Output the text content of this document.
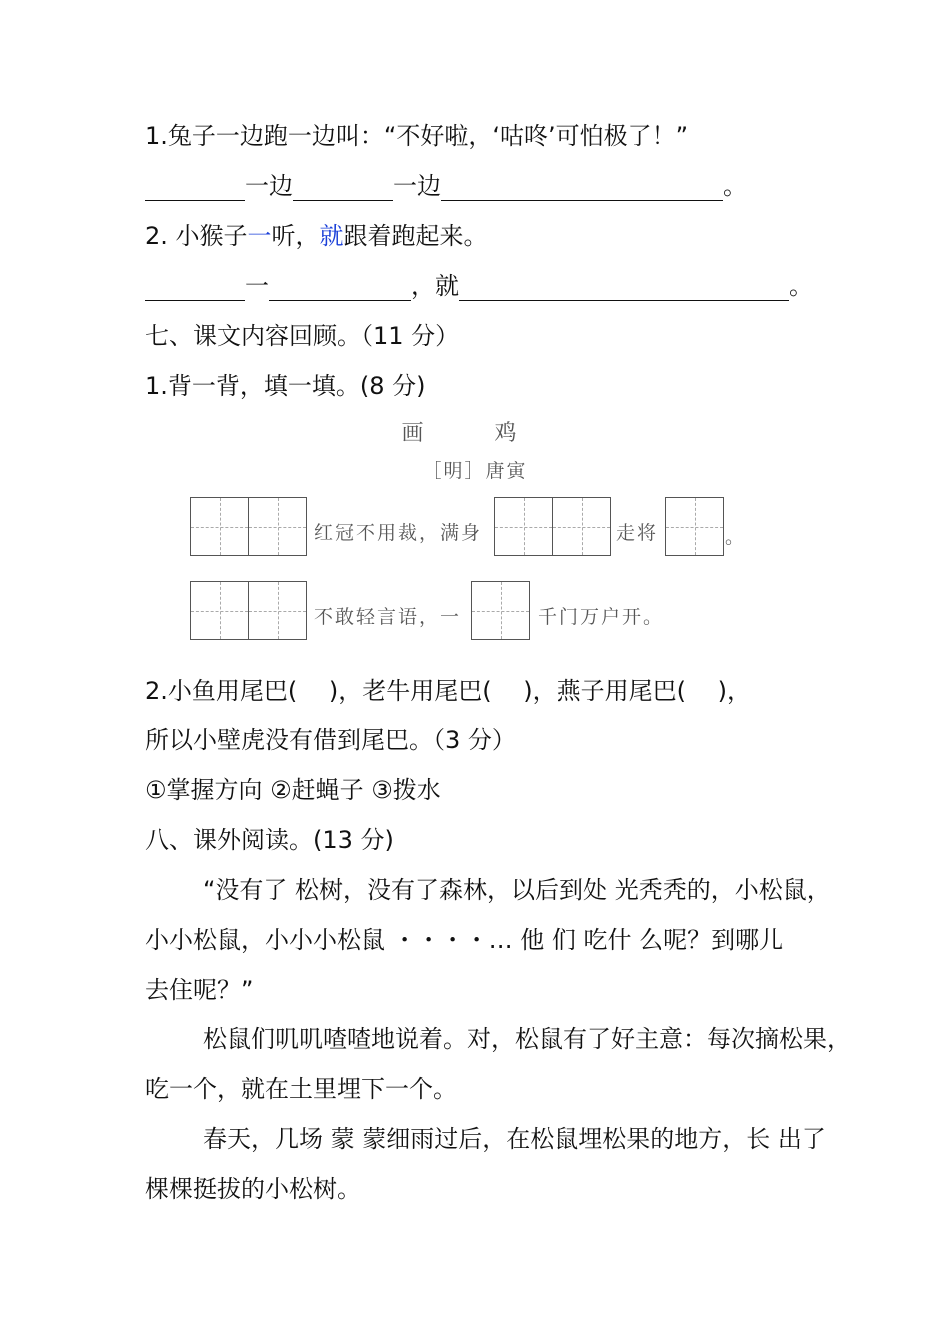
1.兔子一边跑一边叫：“不好啦，‘咕咚’可怕极了！”
一边	一边	。
2. 小猴子一听，就跟着跑起来。
一	，就	。
七、课文内容回顾。（11 分）
1.背一背，填一填。(8 分)
画 鸡
［明］唐寅
红冠不用裁，满身	走将	。
不敢轻言语，一	千门万户开。
2.小鱼用尾巴(　 )，老牛用尾巴(　 )，燕子用尾巴(　 )，
所以小壁虎没有借到尾巴。（3 分）
①掌握方向 ②赶蝇子 ③拨水
八、课外阅读。(13 分)
“没有了 松树，没有了森林，以后到处 光秃秃的，小松鼠，
小小松鼠，小小小松鼠 ・・・・… 他 们 吃什 么呢？到哪儿
去住呢？”
松鼠们叽叽喳喳地说着。对，松鼠有了好主意：每次摘松果，
吃一个，就在土里埋下一个。
春天，几场 蒙 蒙细雨过后，在松鼠埋松果的地方，长 出了
棵棵挺拔的小松树。
